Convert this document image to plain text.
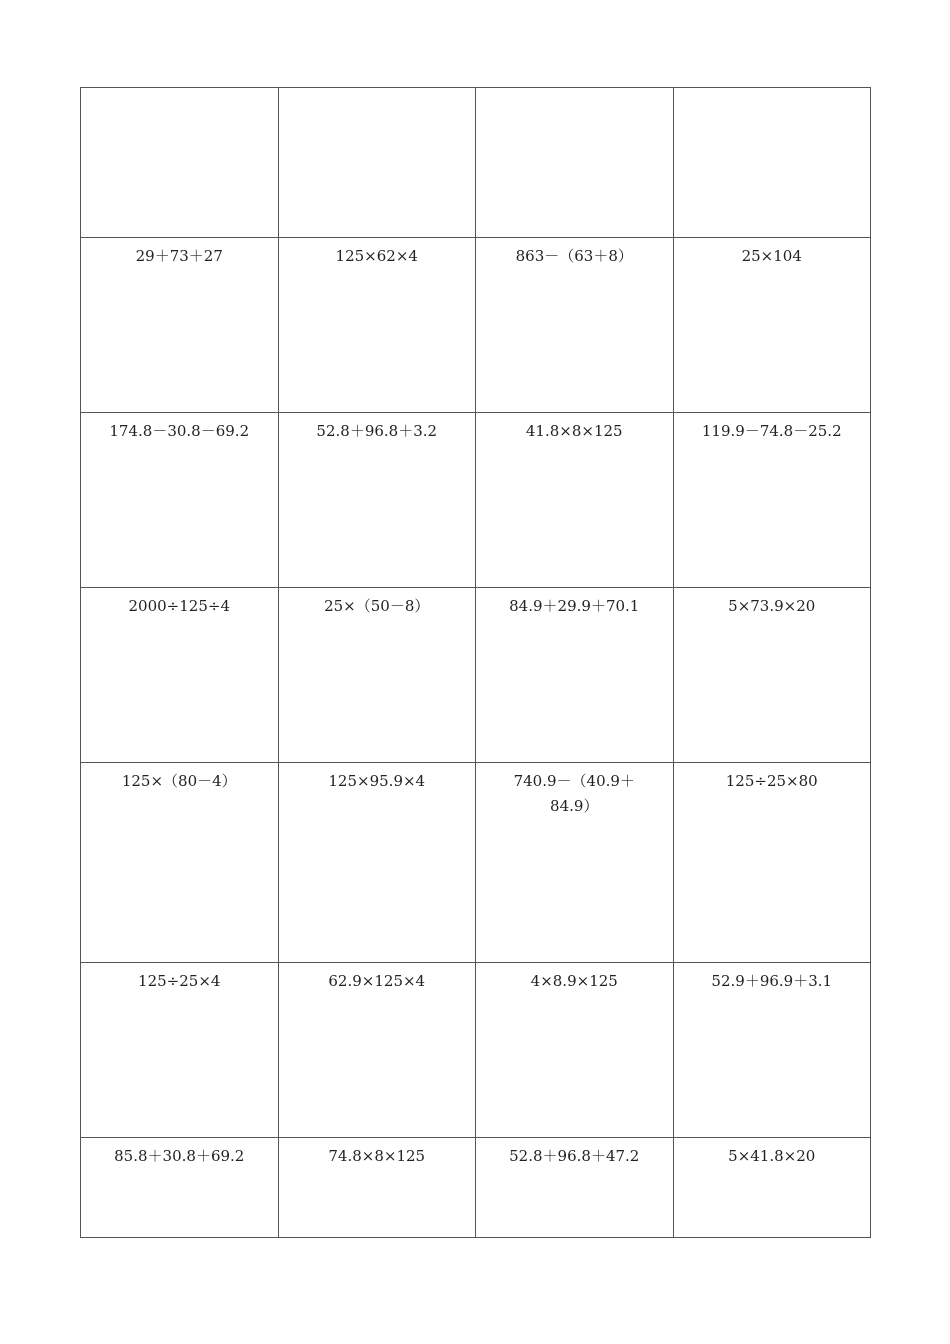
29＋73＋27	125×62×4	863－（63＋8）	25×104
174.8－30.8－69.2	52.8＋96.8＋3.2	41.8×8×125	119.9－74.8－25.2
2000÷125÷4	25×（50－8）	84.9＋29.9＋70.1	5×73.9×20
125×（80－4）	125×95.9×4	740.9－（40.9＋84.9）	125÷25×80
125÷25×4	62.9×125×4	4×8.9×125	52.9＋96.9＋3.1
85.8＋30.8＋69.2	74.8×8×125	52.8＋96.8＋47.2	5×41.8×20
